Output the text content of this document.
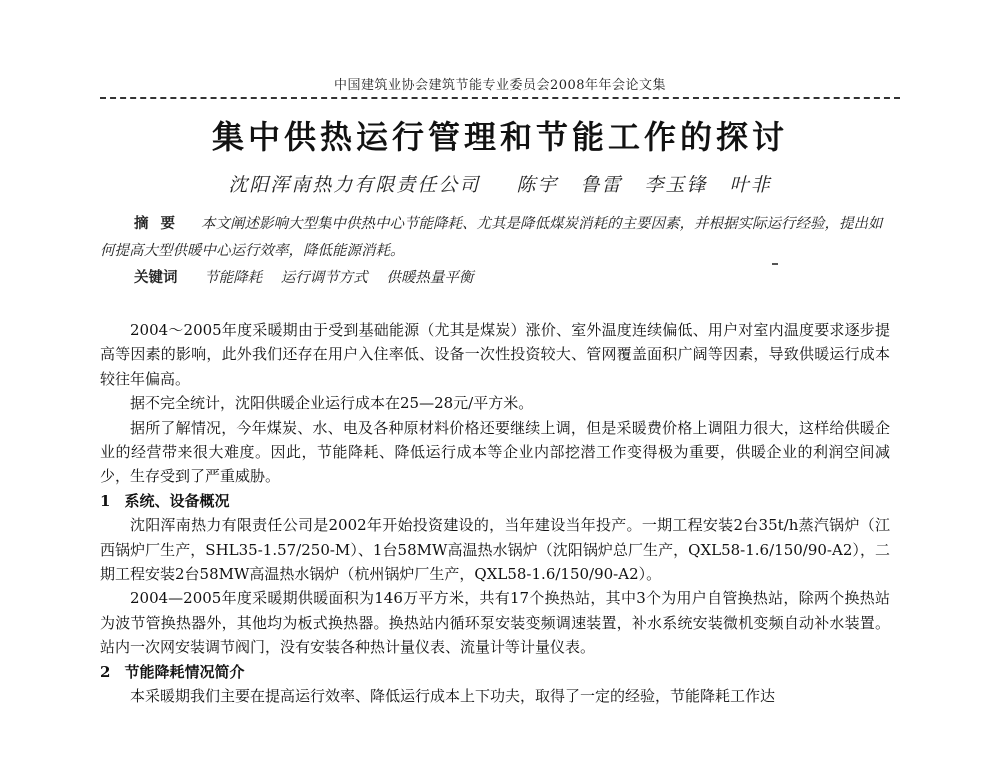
中国建筑业协会建筑节能专业委员会2008年年会论文集
集中供热运行管理和节能工作的探讨
沈阳浑南热力有限责任公司 陈宇 鲁雷 李玉锋 叶非
摘要 本文阐述影响大型集中供热中心节能降耗、尤其是降低煤炭消耗的主要因素，并根据实际运行经验，提出如何提高大型供暖中心运行效率，降低能源消耗。
关键词 节能降耗 运行调节方式 供暖热量平衡

2004～2005年度采暖期由于受到基础能源（尤其是煤炭）涨价、室外温度连续偏低、用户对室内温度要求逐步提高等因素的影响，此外我们还存在用户入住率低、设备一次性投资较大、管网覆盖面积广阔等因素，导致供暖运行成本较往年偏高。

据不完全统计，沈阳供暖企业运行成本在25—28元/平方米。

据所了解情况，今年煤炭、水、电及各种原材料价格还要继续上调，但是采暖费价格上调阻力很大，这样给供暖企业的经营带来很大难度。因此，节能降耗、降低运行成本等企业内部挖潜工作变得极为重要，供暖企业的利润空间减少，生存受到了严重威胁。

1 系统、设备概况

沈阳浑南热力有限责任公司是2002年开始投资建设的，当年建设当年投产。一期工程安装2台35t/h蒸汽锅炉（江西锅炉厂生产，SHL35-1.57/250-M）、1台58MW高温热水锅炉（沈阳锅炉总厂生产，QXL58-1.6/150/90-A2），二期工程安装2台58MW高温热水锅炉（杭州锅炉厂生产，QXL58-1.6/150/90-A2）。

2004—2005年度采暖期供暖面积为146万平方米，共有17个换热站，其中3个为用户自管换热站，除两个换热站为波节管换热器外，其他均为板式换热器。换热站内循环泵安装变频调速装置，补水系统安装微机变频自动补水装置。站内一次网安装调节阀门，没有安装各种热计量仪表、流量计等计量仪表。

2 节能降耗情况简介

本采暖期我们主要在提高运行效率、降低运行成本上下功夫，取得了一定的经验，节能降耗工作达
